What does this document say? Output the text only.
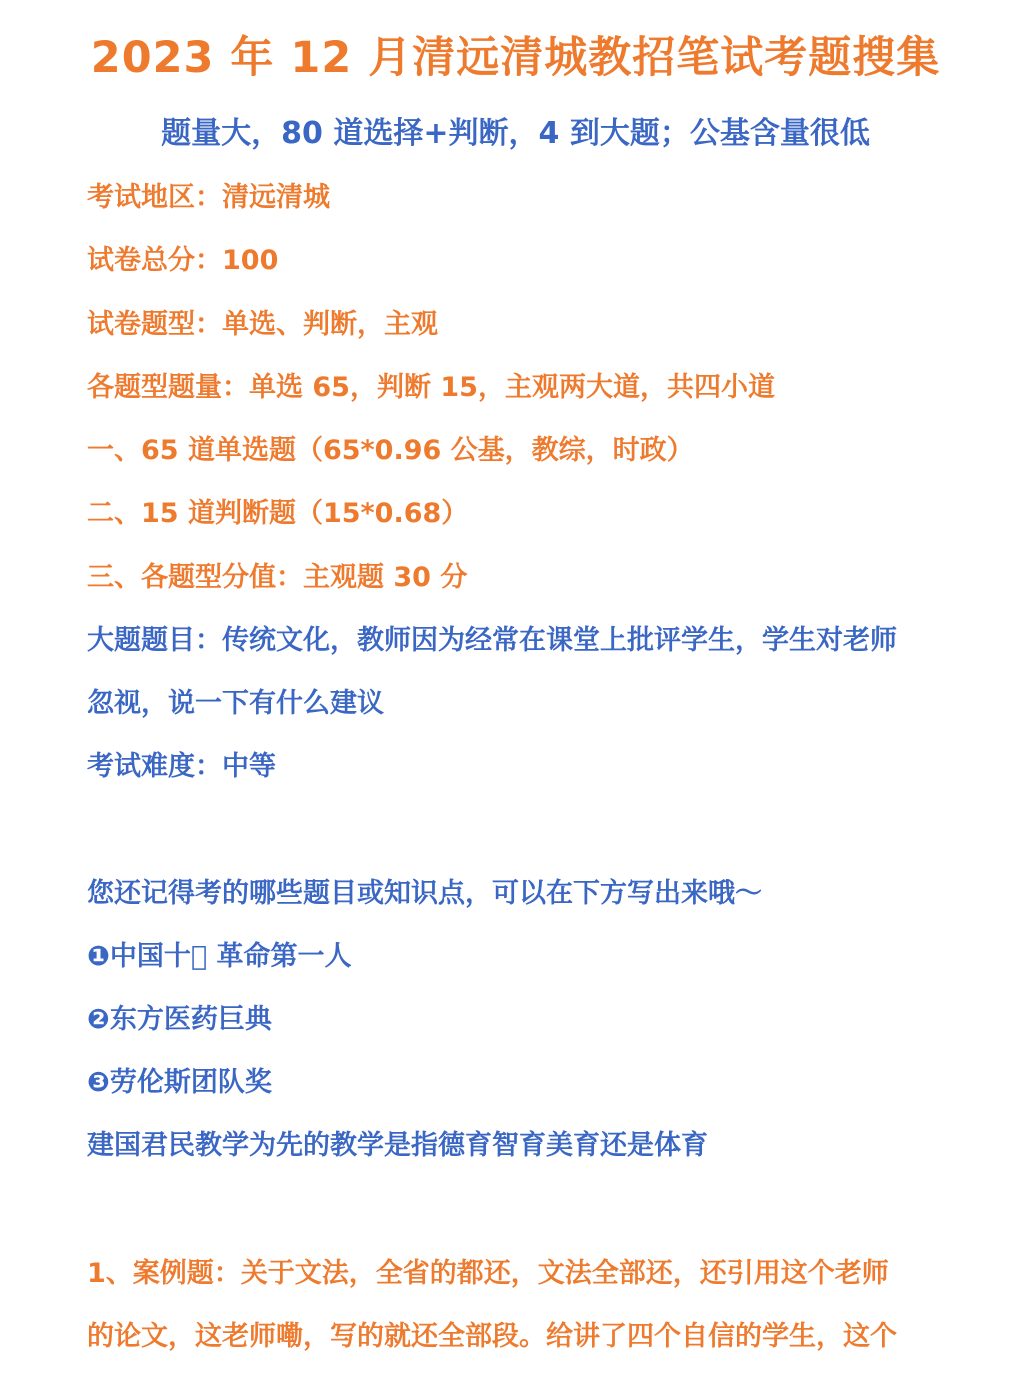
2023 年 12 月清远清城教招笔试考题搜集
题量大，80 道选择+判断，4 到大题；公基含量很低
考试地区：清远清城
试卷总分：100
试卷题型：单选、判断，主观
各题型题量：单选 65，判断 15，主观两大道，共四小道
一、65 道单选题（65*0.96 公基，教综，时政）
二、15 道判断题（15*0.68）
三、各题型分值：主观题 30 分
大题题目：传统文化，教师因为经常在课堂上批评学生，学生对老师
忽视，说一下有什么建议
考试难度：中等
您还记得考的哪些题目或知识点，可以在下方写出来哦～
❶中国十􏰀 革命第一人
❷东方医药巨典
❸劳伦斯团队奖
建国君民教学为先的教学是指德育智育美育还是体育
1、案例题：关于文法，全省的都还，文法全部还，还引用这个老师
的论文，这老师嘞，写的就还全部段。给讲了四个自信的学生，这个
